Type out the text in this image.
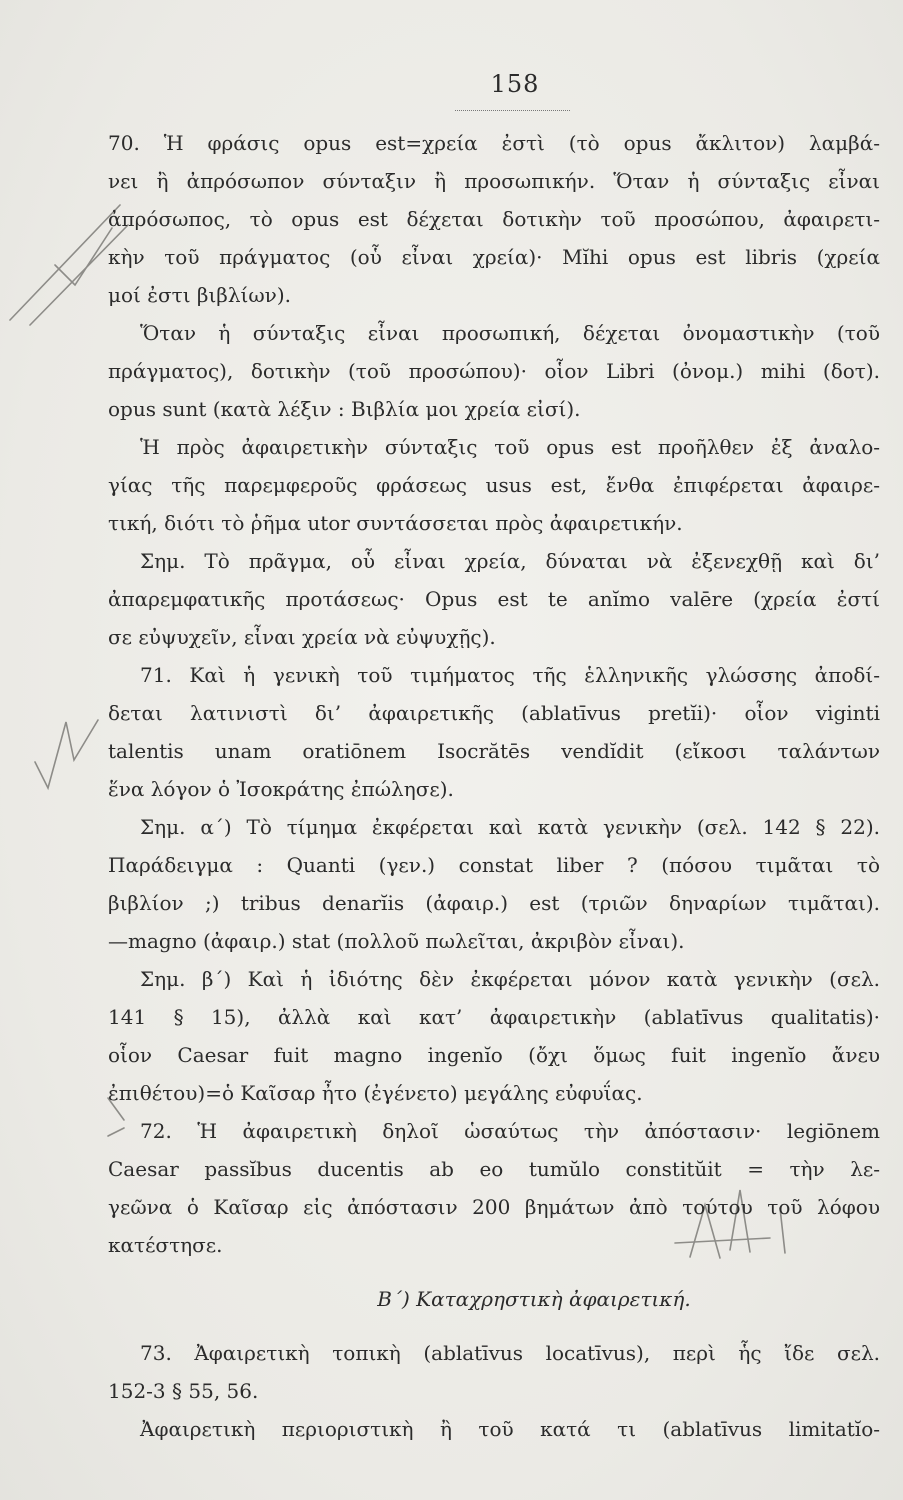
158
70. Ἡ φράσις opus est=χρεία ἐστὶ (τὸ opus ἄκλιτον) λαμβά-
νει ἢ ἀπρόσωπον σύνταξιν ἢ προσωπικήν. Ὅταν ἡ σύνταξις εἶναι
ἀπρόσωπος, τὸ opus est δέχεται δοτικὴν τοῦ προσώπου, ἀφαιρετι-
κὴν τοῦ πράγματος (οὗ εἶναι χρεία)· Mĭhi opus est libris (χρεία
μοί ἐστι βιβλίων).
Ὅταν ἡ σύνταξις εἶναι προσωπική, δέχεται ὀνομαστικὴν (τοῦ
πράγματος), δοτικὴν (τοῦ προσώπου)· οἷον Libri (ὀνομ.) mihi (δοτ).
opus sunt (κατὰ λέξιν : Βιβλία μοι χρεία εἰσί).
Ἡ πρὸς ἀφαιρετικὴν σύνταξις τοῦ opus est προῆλθεν ἐξ ἀναλο-
γίας τῆς παρεμφεροῦς φράσεως usus est, ἔνθα ἐπιφέρεται ἀφαιρε-
τική, διότι τὸ ῥῆμα utor συντάσσεται πρὸς ἀφαιρετικήν.
Σημ. Τὸ πρᾶγμα, οὗ εἶναι χρεία, δύναται νὰ ἐξενεχθῇ καὶ δι’
ἀπαρεμφατικῆς προτάσεως· Opus est te anĭmo valēre (χρεία ἐστί
σε εὐψυχεῖν, εἶναι χρεία νὰ εὐψυχῇς).
71. Καὶ ἡ γενικὴ τοῦ τιμήματος τῆς ἑλληνικῆς γλώσσης ἀποδί-
δεται λατινιστὶ δι’ ἀφαιρετικῆς (ablatīvus pretĭi)· οἷον viginti
talentis unam oratiōnem Isocrătēs vendĭdit (εἴκοσι ταλάντων
ἕνα λόγον ὁ Ἰσοκράτης ἐπώλησε).
Σημ. α΄) Τὸ τίμημα ἐκφέρεται καὶ κατὰ γενικὴν (σελ. 142 § 22).
Παράδειγμα : Quanti (γεν.) constat liber ? (πόσου τιμᾶται τὸ
βιβλίον ;) tribus denarĭis (ἀφαιρ.) est (τριῶν δηναρίων τιμᾶται).
—magno (ἀφαιρ.) stat (πολλοῦ πωλεῖται, ἀκριβὸν εἶναι).
Σημ. β΄) Καὶ ἡ ἰδιότης δὲν ἐκφέρεται μόνον κατὰ γενικὴν (σελ.
141 § 15), ἀλλὰ καὶ κατ’ ἀφαιρετικὴν (ablatīvus qualitatis)·
οἷον Caesar fuit magno ingenĭo (ὄχι ὅμως fuit ingenĭo ἄνευ
ἐπιθέτου)=ὁ Καῖσαρ ἦτο (ἐγένετο) μεγάλης εὐφυΐας.
72. Ἡ ἀφαιρετικὴ δηλοῖ ὡσαύτως τὴν ἀπόστασιν· legiōnem
Caesar passĭbus ducentis ab eo tumŭlo constitŭit = τὴν λε-
γεῶνα ὁ Καῖσαρ εἰς ἀπόστασιν 200 βημάτων ἀπὸ τούτου τοῦ λόφου
κατέστησε.
Β΄) Καταχρηστικὴ ἀφαιρετική.
73. Ἀφαιρετικὴ τοπικὴ (ablatīvus locatīvus), περὶ ἧς ἴδε σελ.
152-3 § 55, 56.
Ἀφαιρετικὴ περιοριστικὴ ἢ τοῦ κατά τι (ablatīvus limitatĭo-
